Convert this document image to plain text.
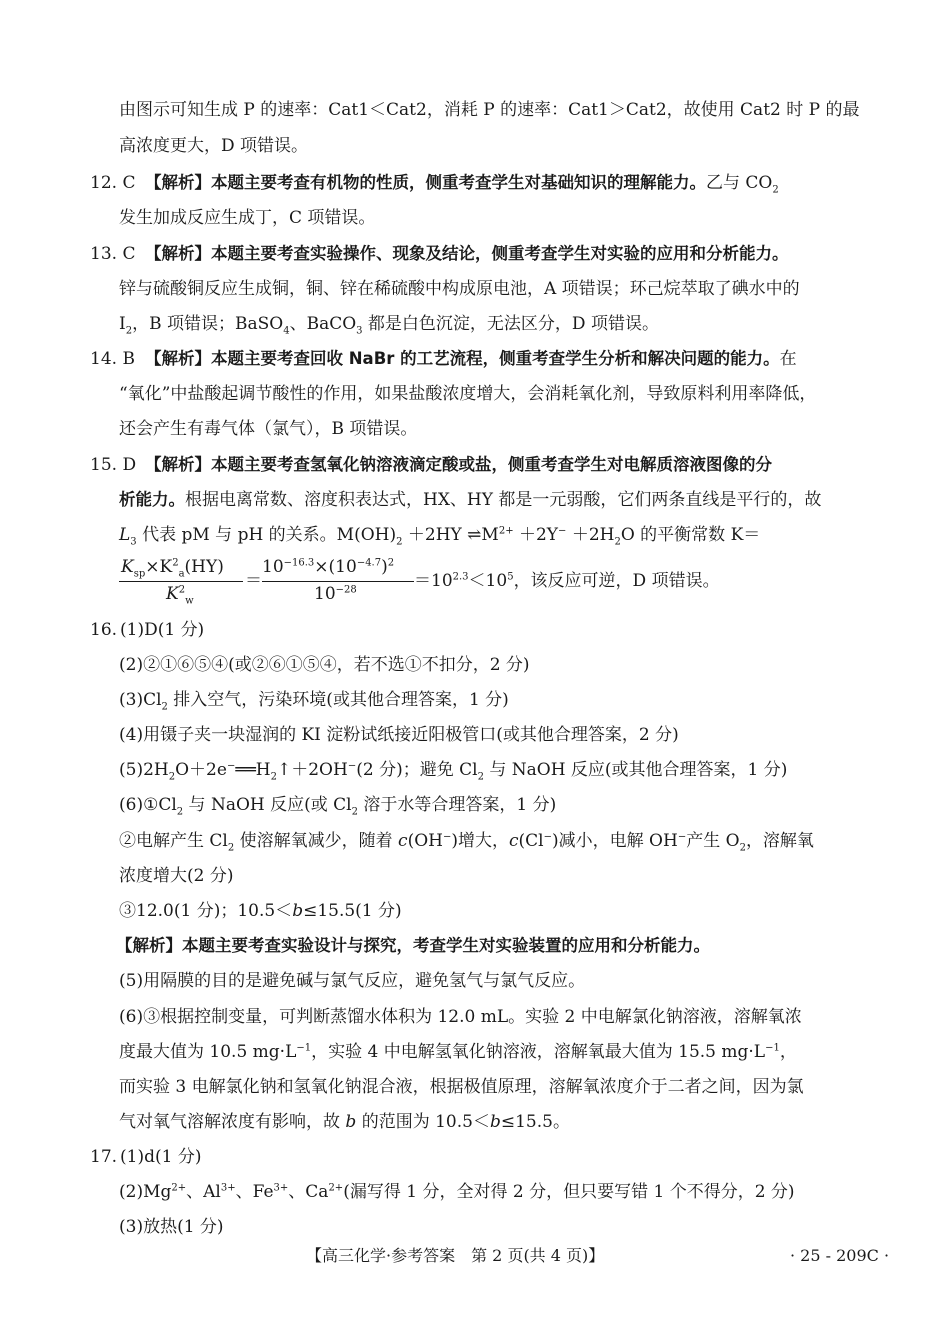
由图示可知生成 P 的速率：Cat1＜Cat2，消耗 P 的速率：Cat1＞Cat2，故使用 Cat2 时 P 的最
高浓度更大，D 项错误。
12. C 【解析】本题主要考查有机物的性质，侧重考查学生对基础知识的理解能力。乙与 $CO_2$
发生加成反应生成丁，C 项错误。
13. C 【解析】本题主要考查实验操作、现象及结论，侧重考查学生对实验的应用和分析能力。
锌与硫酸铜反应生成铜，铜、锌在稀硫酸中构成原电池，A 项错误；环己烷萃取了碘水中的
$I_2$，B 项错误；BaSO$_4$、BaCO$_3$ 都是白色沉淀，无法区分，D 项错误。
14. B 【解析】本题主要考查回收 NaBr 的工艺流程，侧重考查学生分析和解决问题的能力。在
“氧化”中盐酸起调节酸性的作用，如果盐酸浓度增大，会消耗氧化剂，导致原料利用率降低，
还会产生有毒气体（氯气），B 项错误。
15. D 【解析】本题主要考查氢氧化钠溶液滴定酸或盐，侧重考查学生对电解质溶液图像的分
析能力。根据电离常数、溶度积表达式，HX、HY 都是一元弱酸，它们两条直线是平行的，故
$L_3$ 代表 pM 与 pH 的关系。$M(OH)_2 +2HY$ $\rightleftharpoons M^{2+} +2Y^- +2H_2O$ 的平衡常数 K＝
$K_{sp}\times K^2_a(HY)$
$K^2_w$
＝
$10^{-16.3}\times(10^{-4.7})^2$
$10^{-28}$	$=10^{2.3}<10^5$，该反应可逆，D 项错误。
16. (1)D(1 分)
(2)②①⑥⑤④(或②⑥①⑤④，若不选①不扣分，2 分)
$(3)Cl_2$ 排入空气，污染环境(或其他合理答案，1 分)
(4)用镊子夹一块湿润的 KI 淀粉试纸接近阳极管口(或其他合理答案，2 分)
$(5)2H_2O+2e^-══H_2↑+2OH^-(2$ 分)；避免 $Cl_2$ 与 NaOH 反应(或其他合理答案，1 分)
$(6)①Cl_2$ 与 NaOH 反应(或 $Cl_2$ 溶于水等合理答案，1 分)
②电解产生 $Cl_2$ 使溶解氧减少，随着 c(OH−)增大，c(Cl−)减小，电解 OH−产生 $O_2$，溶解氧
浓度增大(2 分)
③12.0(1 分)；10.5＜b≤15.5(1 分)
【解析】本题主要考查实验设计与探究，考查学生对实验装置的应用和分析能力。
(5)用隔膜的目的是避免碱与氯气反应，避免氢气与氯气反应。
(6)③根据控制变量，可判断蒸馏水体积为 12.0 mL。实验 2 中电解氯化钠溶液，溶解氧浓
度最大值为 10.5 $mg\cdot L^{-1}$，实验 4 中电解氢氧化钠溶液，溶解氧最大值为 15.5 $mg\cdot L^{-1}$，
而实验 3 电解氯化钠和氢氧化钠混合液，根据极值原理，溶解氧浓度介于二者之间，因为氯
气对氧气溶解浓度有影响，故 b 的范围为 10.5＜b≤15.5。
17. (1)d(1 分)
$(2)Mg^{2+}$、$Al^{3+}$、$Fe^{3+}$、$Ca^{2+}$(漏写得 1 分，全对得 2 分，但只要写错 1 个不得分，2 分)
(3)放热(1 分)
【高三化学·参考答案　第 2 页(共 4 页)】	· 25 - 209C ·
